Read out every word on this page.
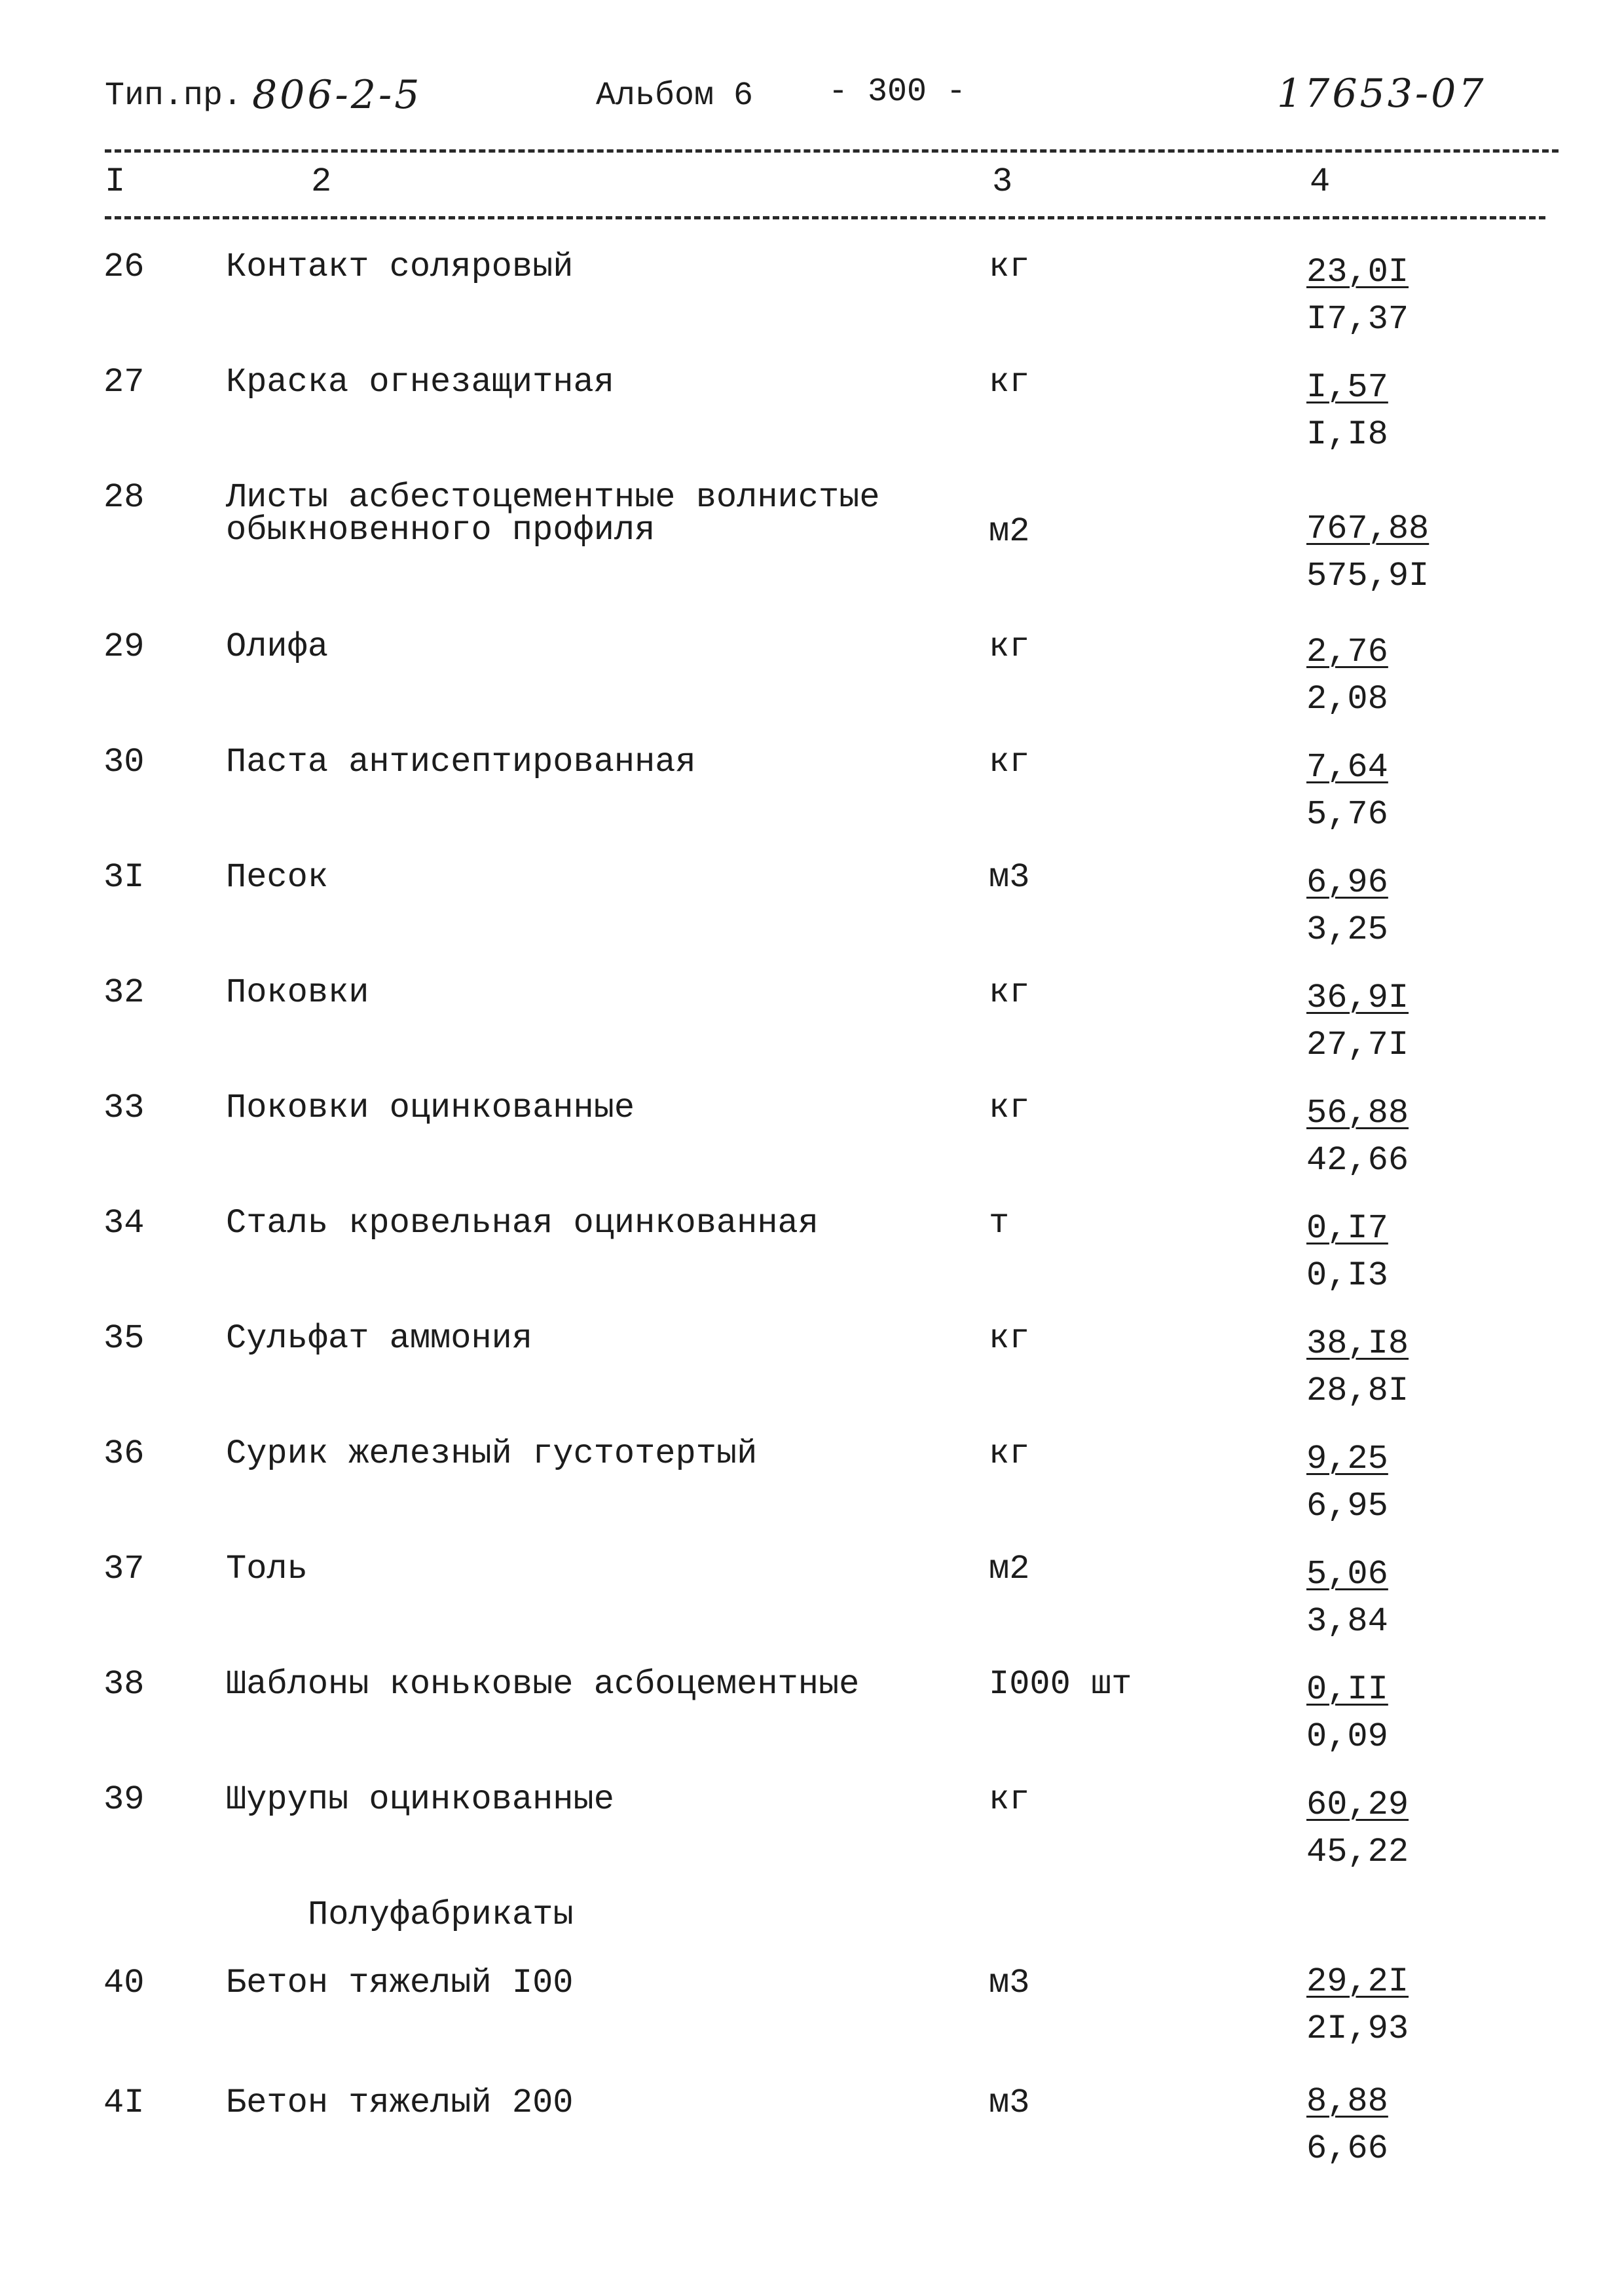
Тип.пр. 806-2-5	Альбом 6 - 300 -	17653-07
I	2	3	4
26 Контакт соляровый	кг	23,0I
I7,37
27 Краска огнезащитная	кг	I,57
I,I8
28 Листы асбестоцементные волнистые
обыкновенного профиля	м2	767,88
575,9I
29 Олифа	кг	2,76
2,08
30 Паста антисептированная	кг	7,64
5,76
3I Песок	м3	6,96
3,25
32 Поковки	кг	36,9I
27,7I
33 Поковки оцинкованные	кг	56,88
42,66
34 Сталь кровельная оцинкованная	т	0,I7
0,I3
35 Сульфат аммония	кг	38,I8
28,8I
36 Сурик железный густотертый	кг	9,25
6,95
37 Толь	м2	5,06
3,84
38 Шаблоны коньковые асбоцементные	I000 шт	0,II
0,09
39 Шурупы оцинкованные	кг	60,29
45,22
Полуфабрикаты
40 Бетон тяжелый I00	м3	29,2I
2I,93
4I Бетон тяжелый 200	м3	8,88
6,66
